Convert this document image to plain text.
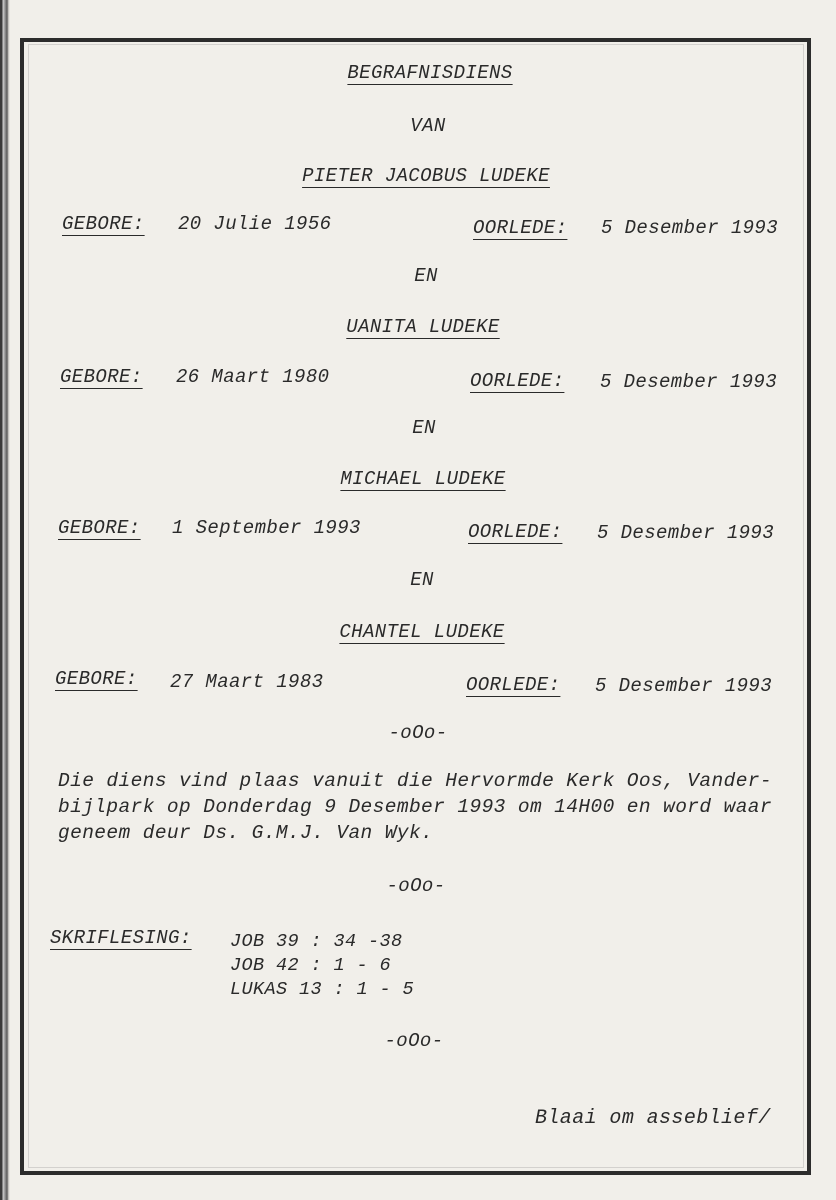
BEGRAFNISDIENS
VAN
PIETER JACOBUS LUDEKE
GEBORE: 20 Julie 1956	OORLEDE: 5 Desember 1993
EN
UANITA LUDEKE
GEBORE: 26 Maart 1980	OORLEDE: 5 Desember 1993
EN
MICHAEL LUDEKE
GEBORE: 1 September 1993	OORLEDE: 5 Desember 1993
EN
CHANTEL LUDEKE
GEBORE: 27 Maart 1983	OORLEDE: 5 Desember 1993
-oOo-
Die diens vind plaas vanuit die Hervormde Kerk Oos, Vander-
bijlpark op Donderdag 9 Desember 1993 om 14H00 en word waar
geneem deur Ds. G.M.J. Van Wyk.
-oOo-
SKRIFLESING: JOB 39 : 34 -38
JOB 42 : 1 - 6
LUKAS 13 : 1 - 5
-oOo-
Blaai om asseblief/
